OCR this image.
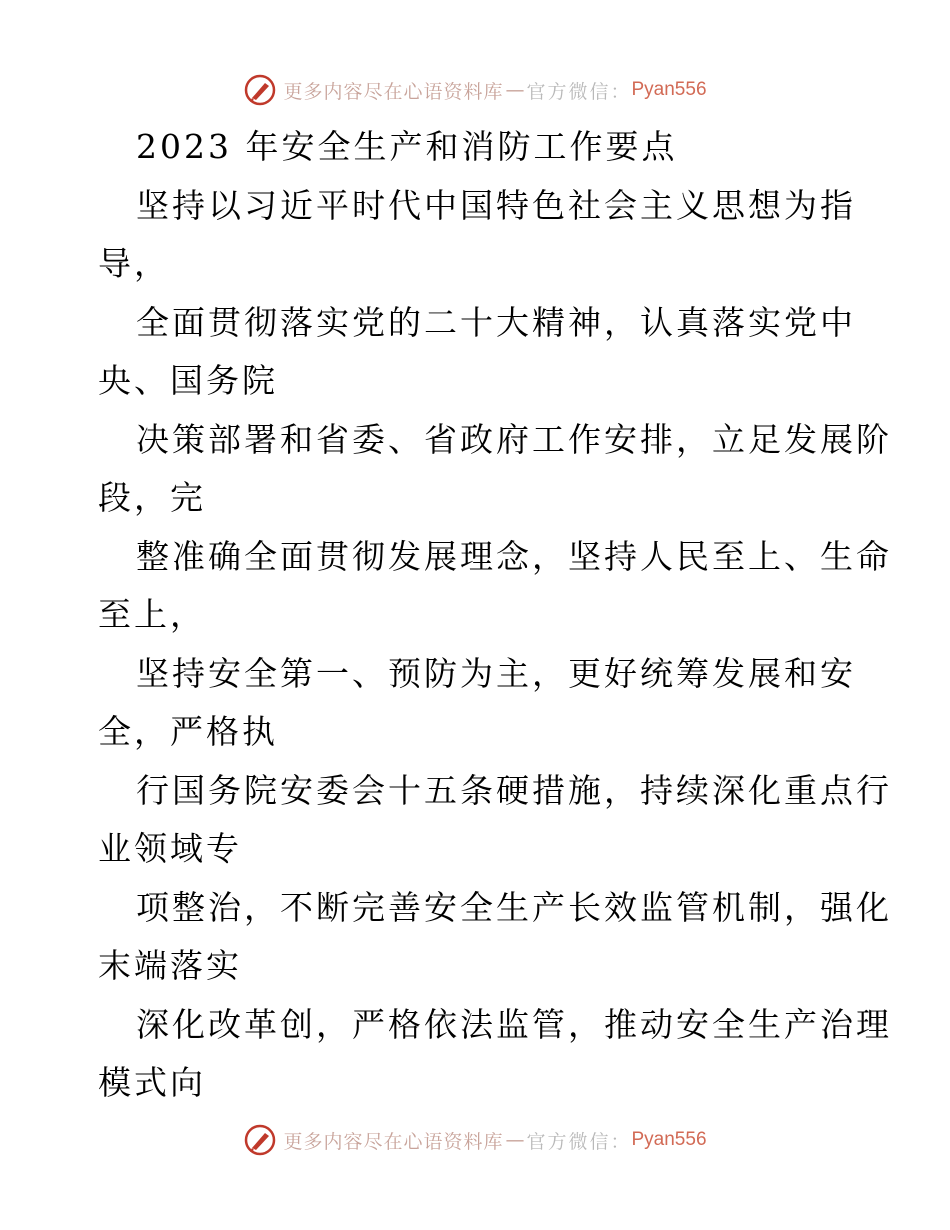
更多内容尽在心语资料库 — 官方微信： Pyan556
2023 年安全生产和消防工作要点
坚持以习近平时代中国特色社会主义思想为指
导，
全面贯彻落实党的二十大精神，认真落实党中
央、国务院
决策部署和省委、省政府工作安排，立足发展阶
段，完
整准确全面贯彻发展理念，坚持人民至上、生命
至上，
坚持安全第一、预防为主，更好统筹发展和安
全，严格执
行国务院安委会十五条硬措施，持续深化重点行
业领域专
项整治，不断完善安全生产长效监管机制，强化
末端落实
深化改革创，严格依法监管，推动安全生产治理
模式向
更多内容尽在心语资料库 — 官方微信： Pyan556
